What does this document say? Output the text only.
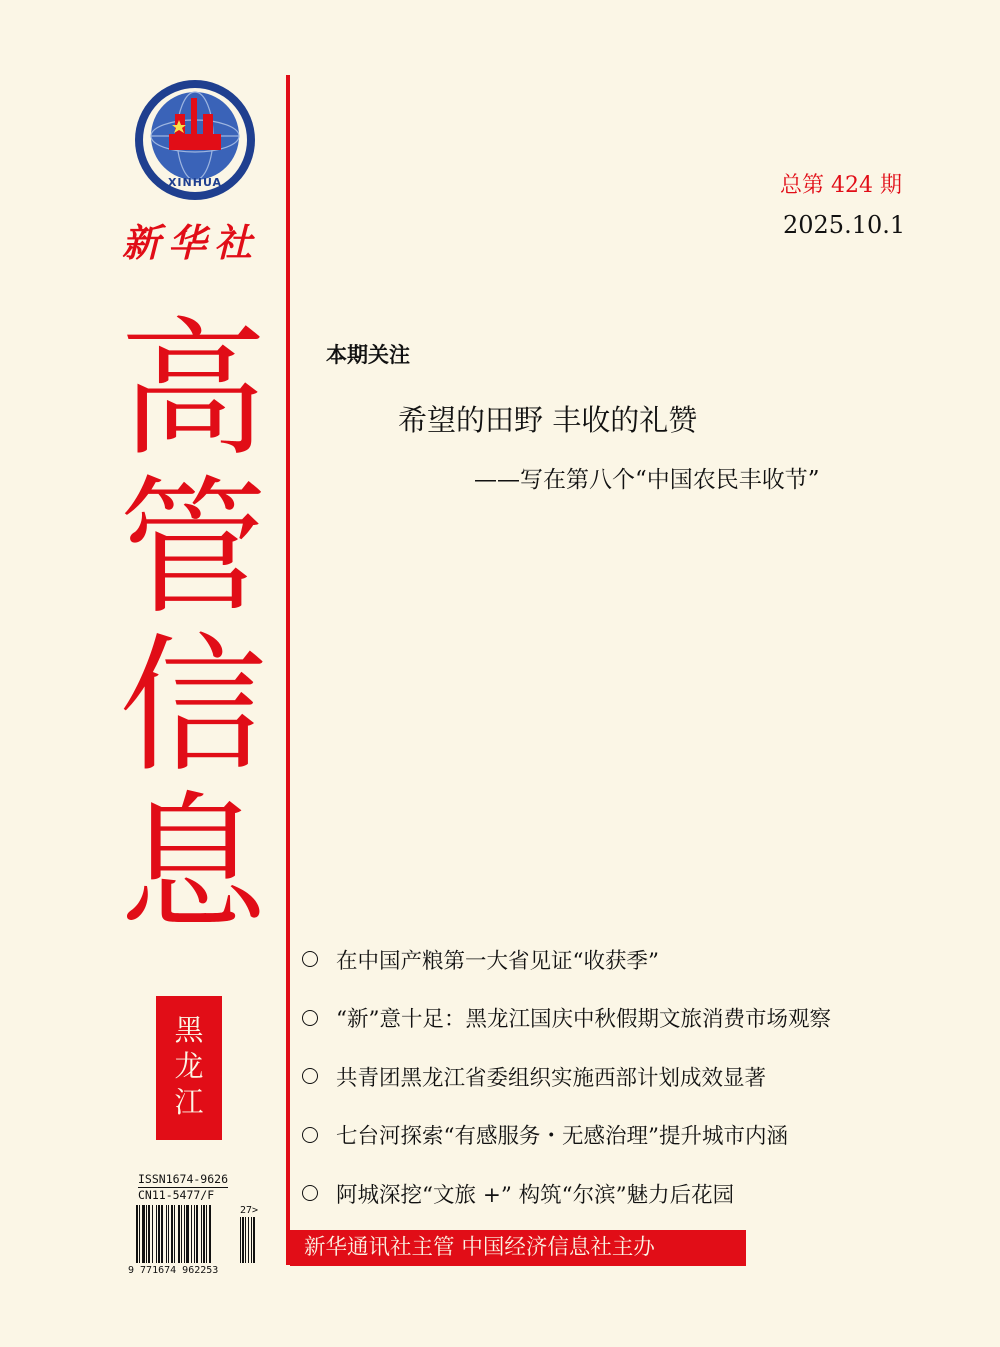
XINHUA
新华社
高
管
信
息
黑
龙
江
ISSN1674-9626
CN11-5477/F
9 771674 962253
27>
总第 424 期
2025.10.1
本期关注
希望的田野 丰收的礼赞
——写在第八个“中国农民丰收节”
在中国产粮第一大省见证“收获季”
“新”意十足：黑龙江国庆中秋假期文旅消费市场观察
共青团黑龙江省委组织实施西部计划成效显著
七台河探索“有感服务・无感治理”提升城市内涵
阿城深挖“文旅 +” 构筑“尔滨”魅力后花园
新华通讯社主管 中国经济信息社主办
